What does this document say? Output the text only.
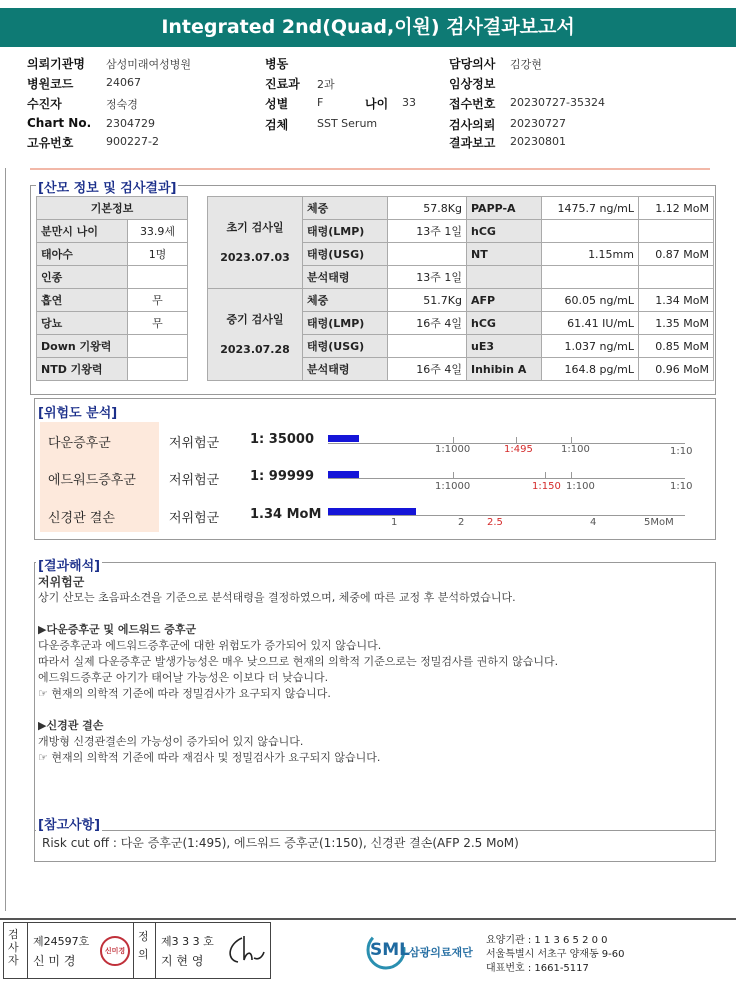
Integrated 2nd(Quad,이원) 검사결과보고서
의뢰기관명 삼성미래여성병원
병원코드	24067
수진자	정숙경
Chart No. 2304729
고유번호	900227-2
병동
진료과 2과
성별	F	나이 33
검체	SST Serum
담당의사 김강현
임상정보
접수번호 20230727-35324
검사의뢰 20230727
결과보고 20230801
[산모 정보 및 검사결과]
기본정보	
분만시 나이	33.9세
태아수	1명
인종	
흡연	무
당뇨	무
Down 기왕력	
NTD 기왕력	
초기 검사일
2023.07.03	체중	57.8Kg	PAPP-A	1475.7 ng/mL	1.12 MoM
	태령(LMP)	13주 1일	hCG		
	태령(USG)		NT	1.15mm	0.87 MoM
	분석태령	13주 1일			
중기 검사일
2023.07.28	체중	51.7Kg	AFP	60.05 ng/mL	1.34 MoM
	태령(LMP)	16주 4일	hCG	61.41 IU/mL	1.35 MoM
	태령(USG)		uE3	1.037 ng/mL	0.85 MoM
	분석태령	16주 4일	Inhibin A	164.8 pg/mL	0.96 MoM
[위험도 분석]
다운증후군	저위험군 1: 35000
1:1000	1:495	1:100	1:10
에드워드증후군	저위험군 1: 99999
1:1000	1:150 1:100	1:10
신경관 결손	저위험군 1.34 MoM
1	2 2.5	4	5MoM
[결과해석]
저위험군
상기 산모는 초음파소견을 기준으로 분석태령을 결정하였으며, 체중에 따른 교정 후 분석하였습니다.
▶다운증후군 및 에드워드 증후군
다운증후군과 에드워드증후군에 대한 위험도가 증가되어 있지 않습니다.
따라서 실제 다운증후군 발생가능성은 매우 낮으므로 현재의 의학적 기준으로는 정밀검사를 권하지 않습니다.
에드워드증후군 아기가 태어날 가능성은 이보다 더 낮습니다.
☞ 현재의 의학적 기준에 따라 정밀검사가 요구되지 않습니다.
▶신경관 결손
개방형 신경관결손의 가능성이 증가되어 있지 않습니다.
☞ 현재의 의학적 기준에 따라 재검사 및 정밀검사가 요구되지 않습니다.
[참고사항]
Risk cut off : 다운 증후군(1:495), 에드워드 증후군(1:150), 신경관 결손(AFP 2.5 MoM)
검사자
제24597호
신 미 경
신미경
정의
제3 3 3 호
지 현 영
SML 삼광의료재단
요양기관 : 1 1 3 6 5 2 0 0
서울특별시 서초구 양재동 9-60
대표번호 : 1661-5117
